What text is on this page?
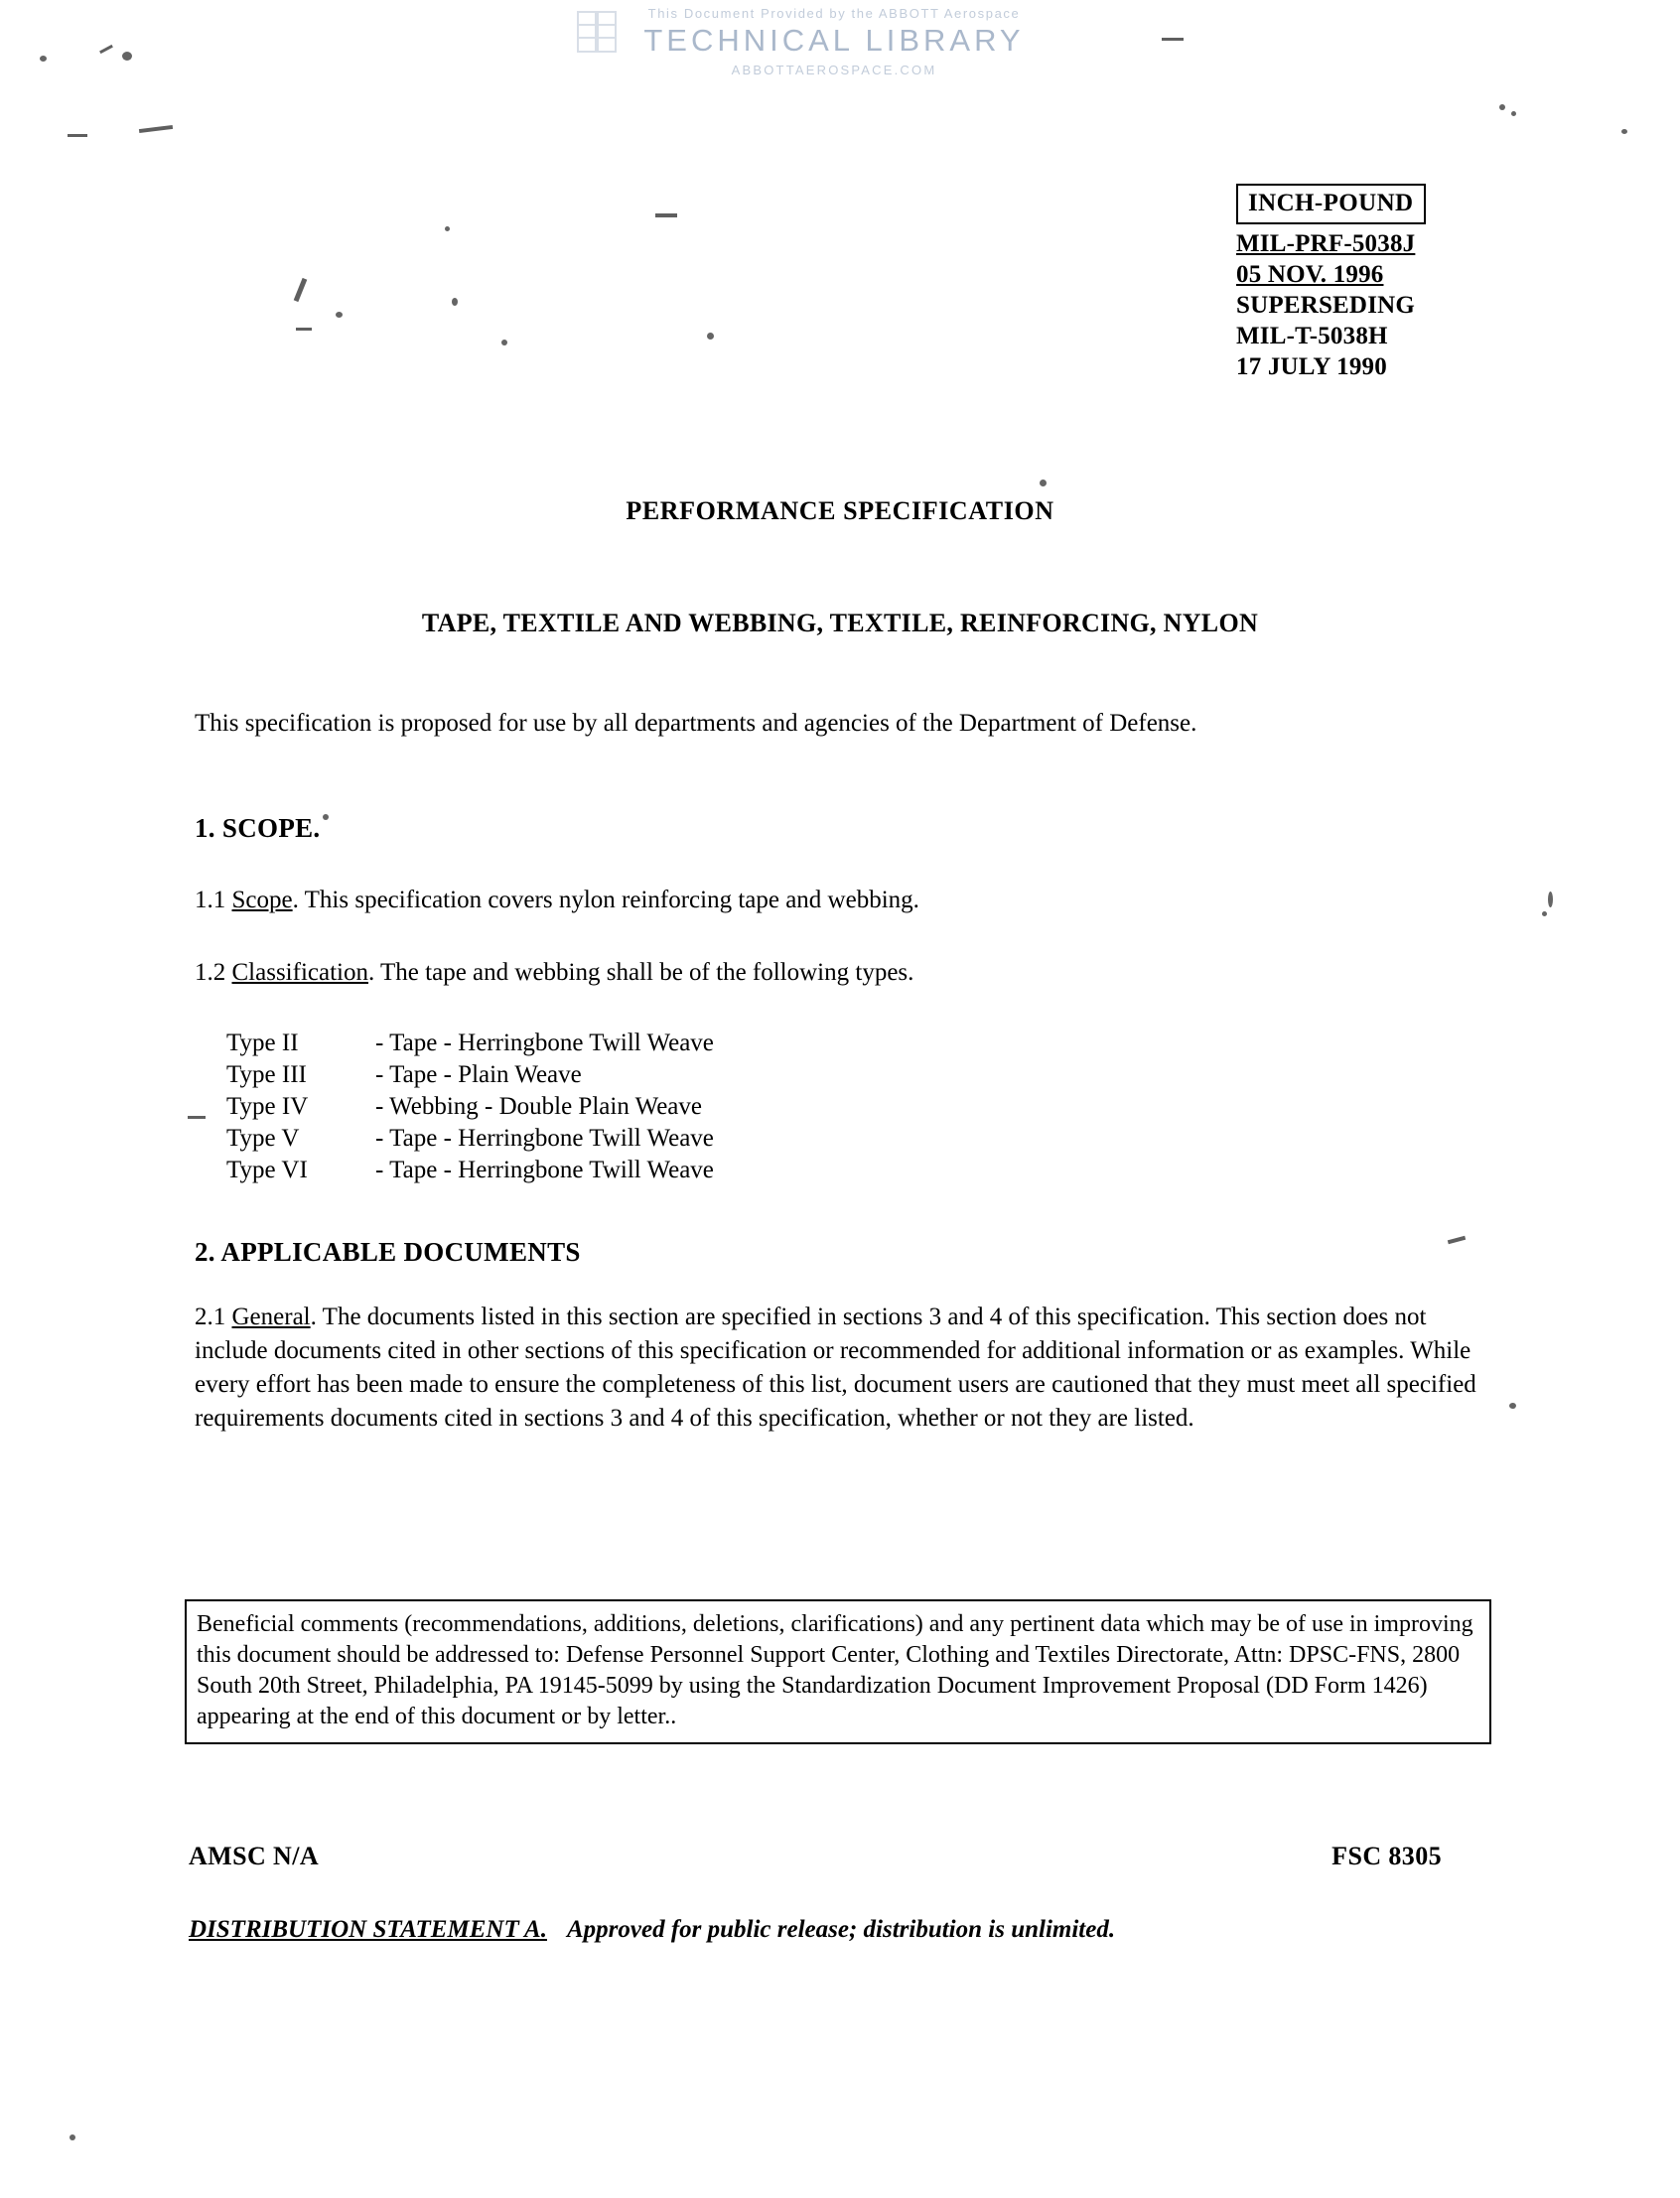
This Document Provided by the ABBOTT Aerospace
TECHNICAL LIBRARY
ABBOTTAEROSPACE.COM
INCH-POUND
MIL-PRF-5038J
05 NOV. 1996
SUPERSEDING
MIL-T-5038H
17 JULY 1990
PERFORMANCE SPECIFICATION
TAPE, TEXTILE AND WEBBING, TEXTILE, REINFORCING, NYLON
This specification is proposed for use by all departments and agencies of the Department of Defense.
1. SCOPE.
1.1 Scope. This specification covers nylon reinforcing tape and webbing.
1.2 Classification. The tape and webbing shall be of the following types.
Type II	- Tape - Herringbone Twill Weave
Type III	- Tape - Plain Weave
Type IV	- Webbing - Double Plain Weave
Type V	- Tape - Herringbone Twill Weave
Type VI	- Tape - Herringbone Twill Weave
2. APPLICABLE DOCUMENTS
2.1 General. The documents listed in this section are specified in sections 3 and 4 of this specification. This section does not include documents cited in other sections of this specification or recommended for additional information or as examples. While every effort has been made to ensure the completeness of this list, document users are cautioned that they must meet all specified requirements documents cited in sections 3 and 4 of this specification, whether or not they are listed.
Beneficial comments (recommendations, additions, deletions, clarifications) and any pertinent data which may be of use in improving this document should be addressed to: Defense Personnel Support Center, Clothing and Textiles Directorate, Attn: DPSC-FNS, 2800 South 20th Street, Philadelphia, PA 19145-5099 by using the Standardization Document Improvement Proposal (DD Form 1426) appearing at the end of this document or by letter..
AMSC N/A	FSC 8305
DISTRIBUTION STATEMENT A. Approved for public release; distribution is unlimited.
